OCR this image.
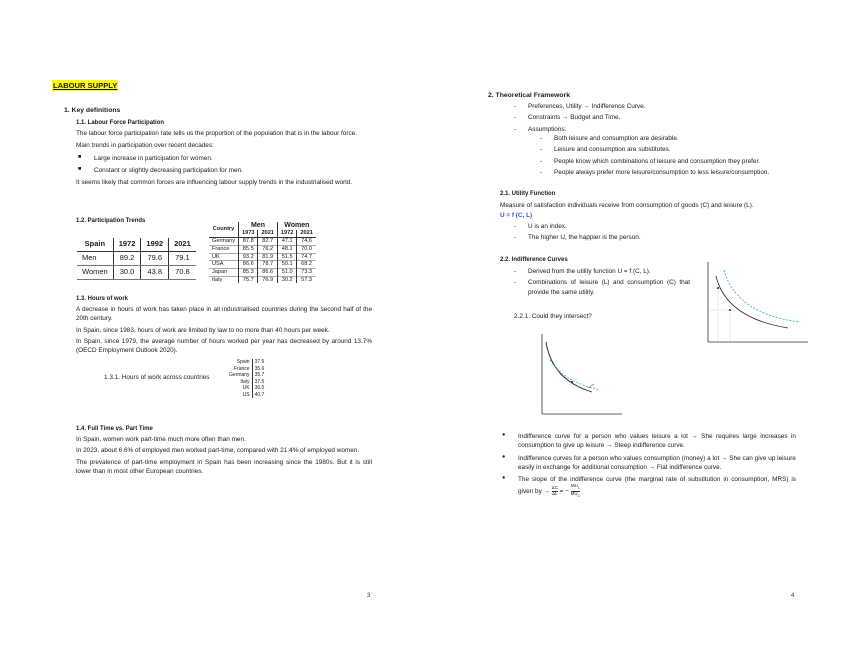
LABOUR SUPPLY
1. Key definitions
1.1. Labour Force Participation

The labour force participation rate tells us the proportion of the population that is in the labour force.

Main trends in participation over recent decades:

■ Large increase in participation for women.
■ Constant or slightly decreasing participation for men.

It seems likely that common forces are influencing labour supply trends in the industrialised world.

1.2. Participation Trends
Spain	1972	1992	2021
Men	89.2	79.6	79.1
Women	30.0	43.8	70.8
Country	Men		Women	
	1973	2021	1972	2021
Germany	87.8	82.7	47.1	74.6
France	85.5	76.2	48.1	70.0
UK	93.2	81.9	51.5	74.7
USA	86.6	78.7	50.1	68.2
Japan	85.3	86.6	51.0	73.3
Italy	75.7	76.9	30.2	57.3
1.3. Hours of work

A decrease in hours of work has taken place in all industrialised countries during the second half of the 20th century.

In Spain, since 1983, hours of work are limited by law to no more than 40 hours per week.

In Spain, since 1979, the average number of hours worked per year has decreased by around 13.7% (OECD Employment Outlook 2020).

1.3.1. Hours of work across countries
Spain	37.5
France	35.6
Germany	35.7
Italy	37.5
UK	36.0
US	40.7
1.4. Full Time vs. Part Time

In Spain, women work part-time much more often than men.

In 2023, about 6.6% of employed men worked part-time, compared with 21.4% of employed women.

The prevalence of part-time employment in Spain has been increasing since the 1980s. But it is still lower than in most other European countries.

3
2. Theoretical Framework
- Preferences, Utility → Indifference Curve.
- Constraints → Budget and Time.
- Assumptions:
- Both leisure and consumption are desirable.
- Leisure and consumption are substitutes.
- People know which combinations of leisure and consumption they prefer.
- People always prefer more leisure/consumption to less leisure/consumption.
2.1. Utility Function
Measure of satisfaction individuals receive from consumption of goods (C) and leisure (L).
U = f (C, L)
- U is an index.
- The higher U, the happier is the person.
2.2. Indifference Curves
- Derived from the utility function U = f (C, L).
- Combinations of leisure (L) and consumption (C) that provide the same utility.
2.2.1. Could they intersect?
● Indifference curve for a person who values leisure a lot → She requires large increases in consumption to give up leisure → Steep indifference curve.
● Indifference curves for a person who values consumption (money) a lot → She can give up leisure easily in exchange for additional consumption → Flat indifference curve.
● The slope of the indifference curve (the marginal rate of substitution in consumption, MRS) is given by → $\frac{\Delta C}{\Delta L}$ = −
$MU_L$
$MU_C$
4
